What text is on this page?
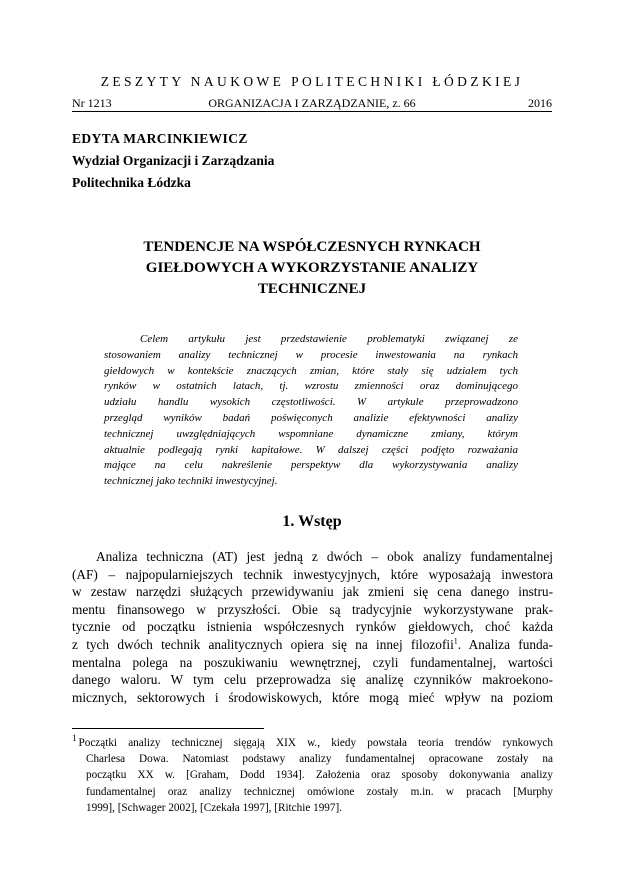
ZESZYTY NAUKOWE POLITECHNIKI ŁÓDZKIEJ
Nr 1213	ORGANIZACJA I ZARZĄDZANIE, z. 66	2016
EDYTA MARCINKIEWICZ
Wydział Organizacji i Zarządzania
Politechnika Łódzka
TENDENCJE NA WSPÓŁCZESNYCH RYNKACH
GIEŁDOWYCH A WYKORZYSTANIE ANALIZY
TECHNICZNEJ
Celem artykułu jest przedstawienie problematyki związanej ze
stosowaniem analizy technicznej w procesie inwestowania na rynkach
giełdowych w kontekście znaczących zmian, które stały się udziałem tych
rynków w ostatnich latach, tj. wzrostu zmienności oraz dominującego
udziału handlu wysokich częstotliwości. W artykule przeprowadzono
przegląd wyników badań poświęconych analizie efektywności analizy
technicznej uwzględniających wspomniane dynamiczne zmiany, którym
aktualnie podlegają rynki kapitałowe. W dalszej części podjęto rozważania
mające na celu nakreślenie perspektyw dla wykorzystywania analizy
technicznej jako techniki inwestycyjnej.
1. Wstęp
Analiza techniczna (AT) jest jedną z dwóch – obok analizy fundamentalnej
(AF) – najpopularniejszych technik inwestycyjnych, które wyposażają inwestora
w zestaw narzędzi służących przewidywaniu jak zmieni się cena danego instru-
mentu finansowego w przyszłości. Obie są tradycyjnie wykorzystywane prak-
tycznie od początku istnienia współczesnych rynków giełdowych, choć każda
z tych dwóch technik analitycznych opiera się na innej filozofii$^1$. Analiza funda-
mentalna polega na poszukiwaniu wewnętrznej, czyli fundamentalnej, wartości
danego waloru. W tym celu przeprowadza się analizę czynników makroekono-
micznych, sektorowych i środowiskowych, które mogą mieć wpływ na poziom
$^1$ Początki analizy technicznej sięgają XIX w., kiedy powstała teoria trendów rynkowych
Charlesa Dowa. Natomiast podstawy analizy fundamentalnej opracowane zostały na
początku XX w. [Graham, Dodd 1934]. Założenia oraz sposoby dokonywania analizy
fundamentalnej oraz analizy technicznej omówione zostały m.in. w pracach [Murphy
1999], [Schwager 2002], [Czekała 1997], [Ritchie 1997].
